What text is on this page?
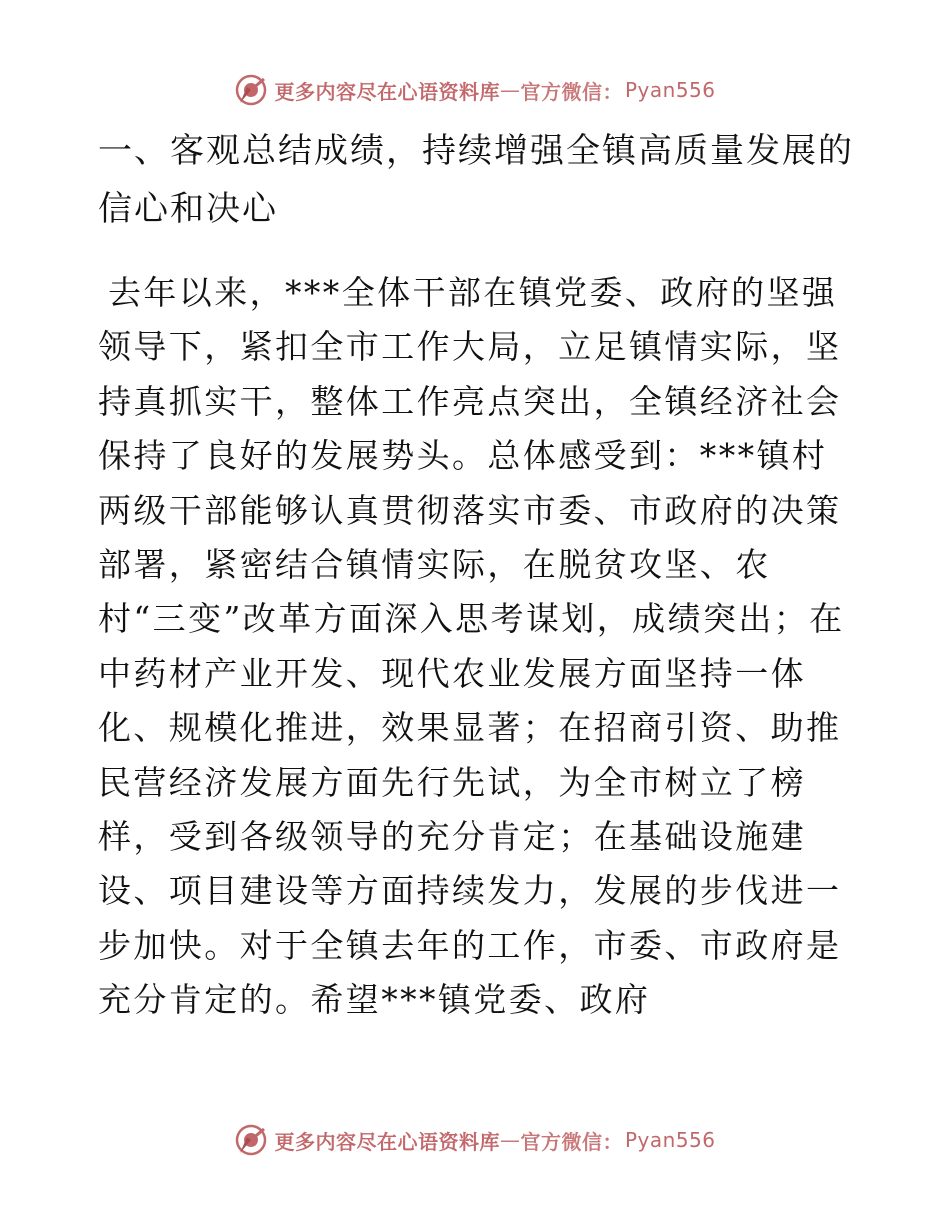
更多内容尽在心语资料库 — 官方微信： Pyan556
一、客观总结成绩，持续增强全镇高质量发展的信心和决心

去年以来，***全体干部在镇党委、政府的坚强领导下，紧扣全市工作大局，立足镇情实际，坚持真抓实干，整体工作亮点突出，全镇经济社会保持了良好的发展势头。总体感受到：***镇村两级干部能够认真贯彻落实市委、市政府的决策部署，紧密结合镇情实际，在脱贫攻坚、农村“三变”改革方面深入思考谋划，成绩突出；在中药材产业开发、现代农业发展方面坚持一体化、规模化推进，效果显著；在招商引资、助推民营经济发展方面先行先试，为全市树立了榜样，受到各级领导的充分肯定；在基础设施建设、项目建设等方面持续发力，发展的步伐进一步加快。对于全镇去年的工作，市委、市政府是充分肯定的。希望***镇党委、政府

更多内容尽在心语资料库 — 官方微信： Pyan556
